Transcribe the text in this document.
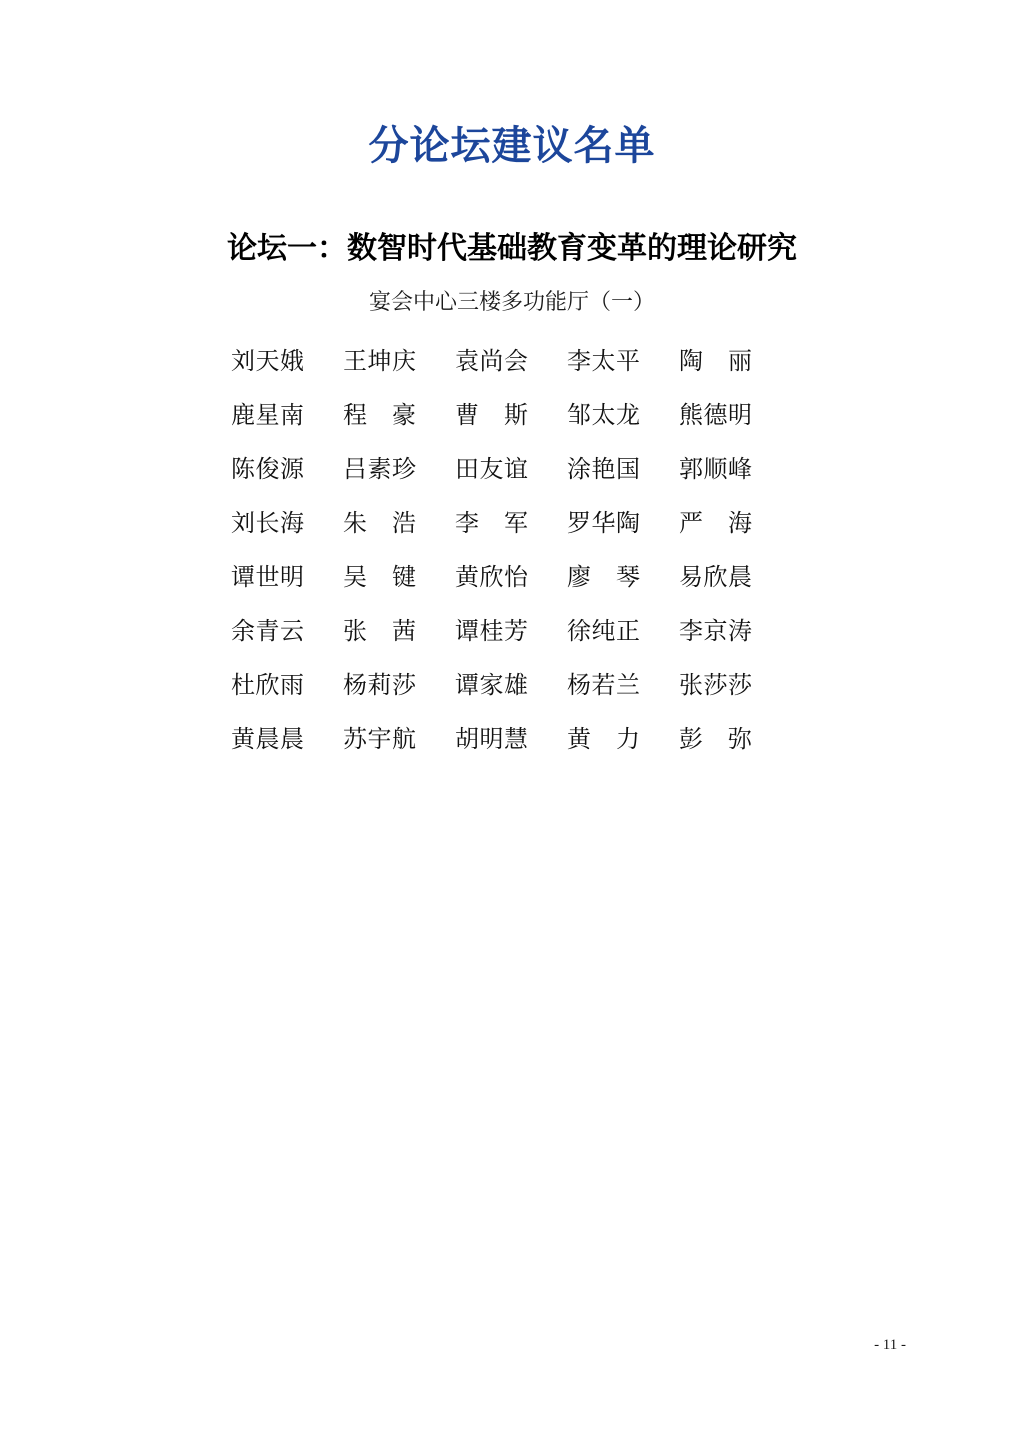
分论坛建议名单
论坛一：数智时代基础教育变革的理论研究
宴会中心三楼多功能厅（一）
刘天娥 王坤庆 袁尚会 李太平 陶　丽
鹿星南 程　豪 曹　斯 邹太龙 熊德明
陈俊源 吕素珍 田友谊 涂艳国 郭顺峰
刘长海 朱　浩 李　军 罗华陶 严　海
谭世明 吴　键 黄欣怡 廖　琴 易欣晨
余青云 张　茜 谭桂芳 徐纯正 李京涛
杜欣雨 杨莉莎 谭家雄 杨若兰 张莎莎
黄晨晨 苏宇航 胡明慧 黄　力 彭　弥
- 11 -
